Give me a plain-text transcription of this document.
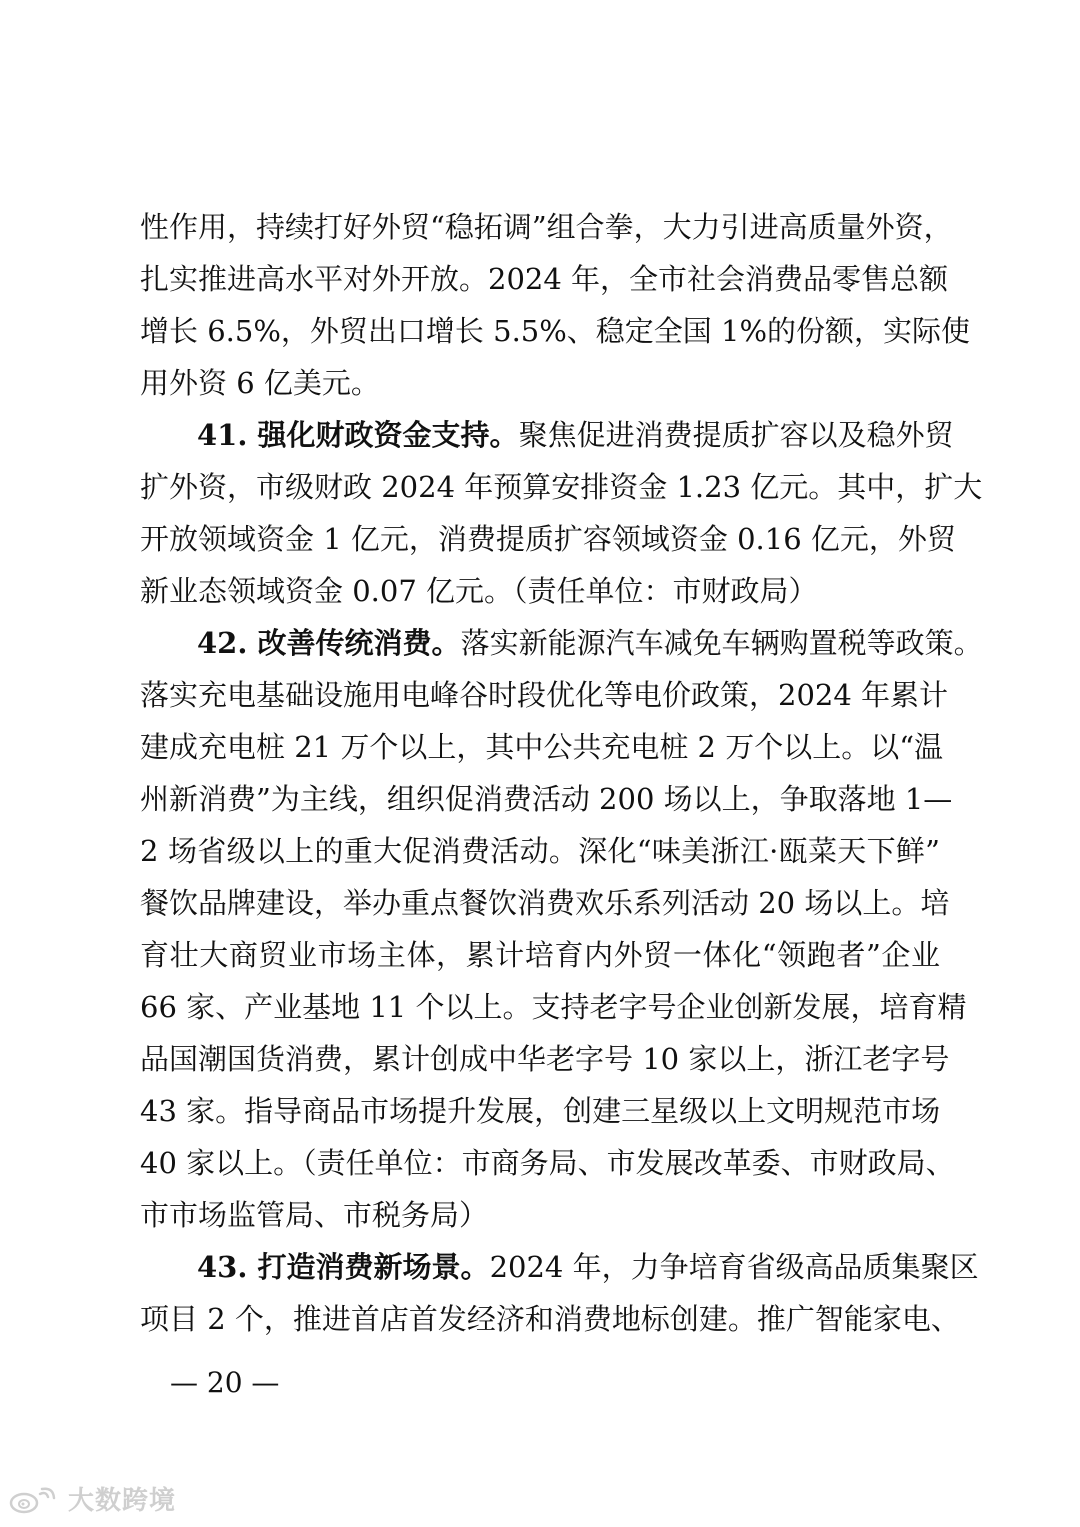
性作用，持续打好外贸“稳拓调”组合拳，大力引进高质量外资，
扎实推进高水平对外开放。2024 年，全市社会消费品零售总额
增长 6.5%，外贸出口增长 5.5%、稳定全国 1%的份额，实际使
用外资 6 亿美元。
41. 强化财政资金支持。聚焦促进消费提质扩容以及稳外贸
扩外资，市级财政 2024 年预算安排资金 1.23 亿元。其中，扩大
开放领域资金 1 亿元，消费提质扩容领域资金 0.16 亿元，外贸
新业态领域资金 0.07 亿元。（责任单位：市财政局）
42. 改善传统消费。落实新能源汽车减免车辆购置税等政策。
落实充电基础设施用电峰谷时段优化等电价政策，2024 年累计
建成充电桩 21 万个以上，其中公共充电桩 2 万个以上。以“温
州新消费”为主线，组织促消费活动 200 场以上，争取落地 1—
2 场省级以上的重大促消费活动。深化“味美浙江·瓯菜天下鲜”
餐饮品牌建设，举办重点餐饮消费欢乐系列活动 20 场以上。培
育壮大商贸业市场主体，累计培育内外贸一体化“领跑者”企业
66 家、产业基地 11 个以上。支持老字号企业创新发展，培育精
品国潮国货消费，累计创成中华老字号 10 家以上，浙江老字号
43 家。指导商品市场提升发展，创建三星级以上文明规范市场
40 家以上。（责任单位：市商务局、市发展改革委、市财政局、
市市场监管局、市税务局）
43. 打造消费新场景。2024 年，力争培育省级高品质集聚区
项目 2 个，推进首店首发经济和消费地标创建。推广智能家电、
— 20 —
大数跨境
